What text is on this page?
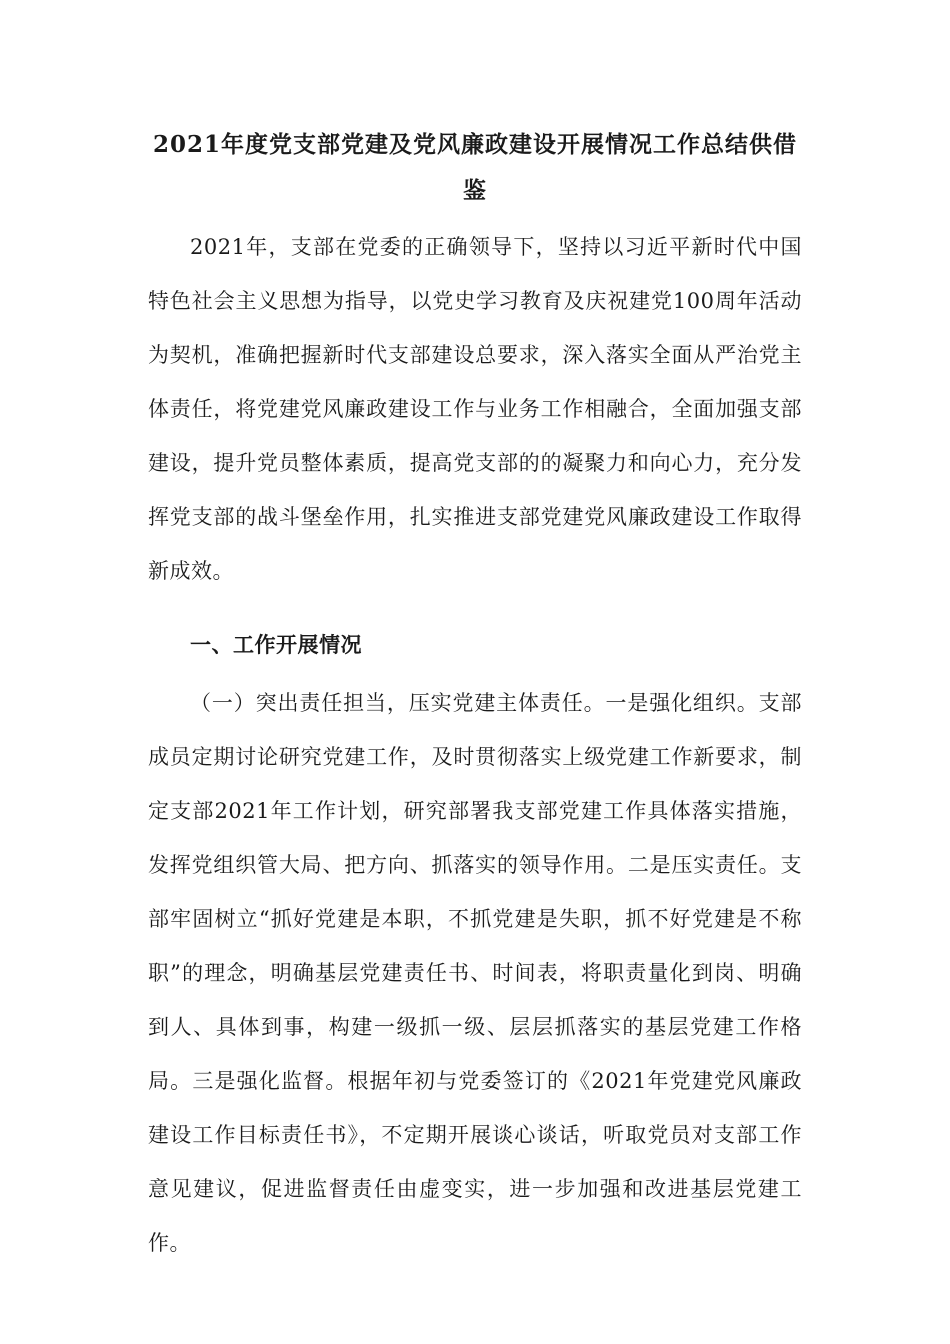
2021年度党支部党建及党风廉政建设开展情况工作总结供借鉴

2021年，支部在党委的正确领导下，坚持以习近平新时代中国特色社会主义思想为指导，以党史学习教育及庆祝建党100周年活动为契机，准确把握新时代支部建设总要求，深入落实全面从严治党主体责任，将党建党风廉政建设工作与业务工作相融合，全面加强支部建设，提升党员整体素质，提高党支部的的凝聚力和向心力，充分发挥党支部的战斗堡垒作用，扎实推进支部党建党风廉政建设工作取得新成效。

一、工作开展情况

（一）突出责任担当，压实党建主体责任。一是强化组织。支部成员定期讨论研究党建工作，及时贯彻落实上级党建工作新要求，制定支部2021年工作计划，研究部署我支部党建工作具体落实措施，发挥党组织管大局、把方向、抓落实的领导作用。二是压实责任。支部牢固树立“抓好党建是本职，不抓党建是失职，抓不好党建是不称职”的理念，明确基层党建责任书、时间表，将职责量化到岗、明确到人、具体到事，构建一级抓一级、层层抓落实的基层党建工作格局。三是强化监督。根据年初与党委签订的《2021年党建党风廉政建设工作目标责任书》，不定期开展谈心谈话，听取党员对支部工作意见建议，促进监督责任由虚变实，进一步加强和改进基层党建工作。
